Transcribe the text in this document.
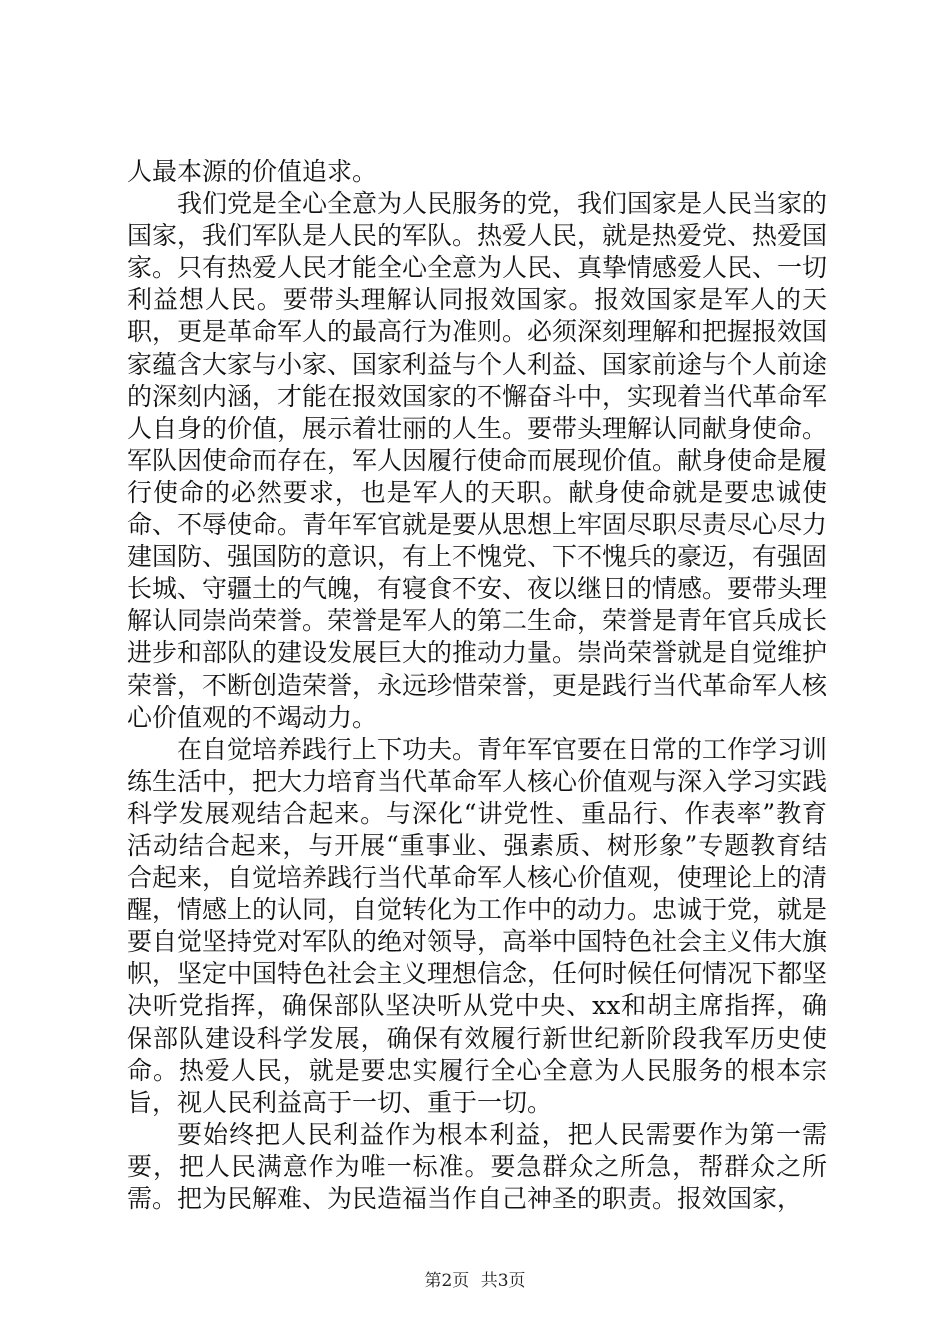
人最本源的价值追求。

我们党是全心全意为人民服务的党，我们国家是人民当家的国家，我们军队是人民的军队。热爱人民，就是热爱党、热爱国家。只有热爱人民才能全心全意为人民、真挚情感爱人民、一切利益想人民。要带头理解认同报效国家。报效国家是军人的天职，更是革命军人的最高行为准则。必须深刻理解和把握报效国家蕴含大家与小家、国家利益与个人利益、国家前途与个人前途的深刻内涵，才能在报效国家的不懈奋斗中，实现着当代革命军人自身的价值，展示着壮丽的人生。要带头理解认同献身使命。军队因使命而存在，军人因履行使命而展现价值。献身使命是履行使命的必然要求，也是军人的天职。献身使命就是要忠诚使命、不辱使命。青年军官就是要从思想上牢固尽职尽责尽心尽力建国防、强国防的意识，有上不愧党、下不愧兵的豪迈，有强固长城、守疆土的气魄，有寝食不安、夜以继日的情感。要带头理解认同崇尚荣誉。荣誉是军人的第二生命，荣誉是青年官兵成长进步和部队的建设发展巨大的推动力量。崇尚荣誉就是自觉维护荣誉，不断创造荣誉，永远珍惜荣誉，更是践行当代革命军人核心价值观的不竭动力。

在自觉培养践行上下功夫。青年军官要在日常的工作学习训练生活中，把大力培育当代革命军人核心价值观与深入学习实践科学发展观结合起来。与深化“讲党性、重品行、作表率”教育活动结合起来，与开展“重事业、强素质、树形象”专题教育结合起来，自觉培养践行当代革命军人核心价值观，使理论上的清醒，情感上的认同，自觉转化为工作中的动力。忠诚于党，就是要自觉坚持党对军队的绝对领导，高举中国特色社会主义伟大旗帜，坚定中国特色社会主义理想信念，任何时候任何情况下都坚决听党指挥，确保部队坚决听从党中央、xx和胡主席指挥，确保部队建设科学发展，确保有效履行新世纪新阶段我军历史使命。热爱人民，就是要忠实履行全心全意为人民服务的根本宗旨，视人民利益高于一切、重于一切。

要始终把人民利益作为根本利益，把人民需要作为第一需要，把人民满意作为唯一标准。要急群众之所急，帮群众之所需。把为民解难、为民造福当作自己神圣的职责。报效国家，

第2页 共3页
